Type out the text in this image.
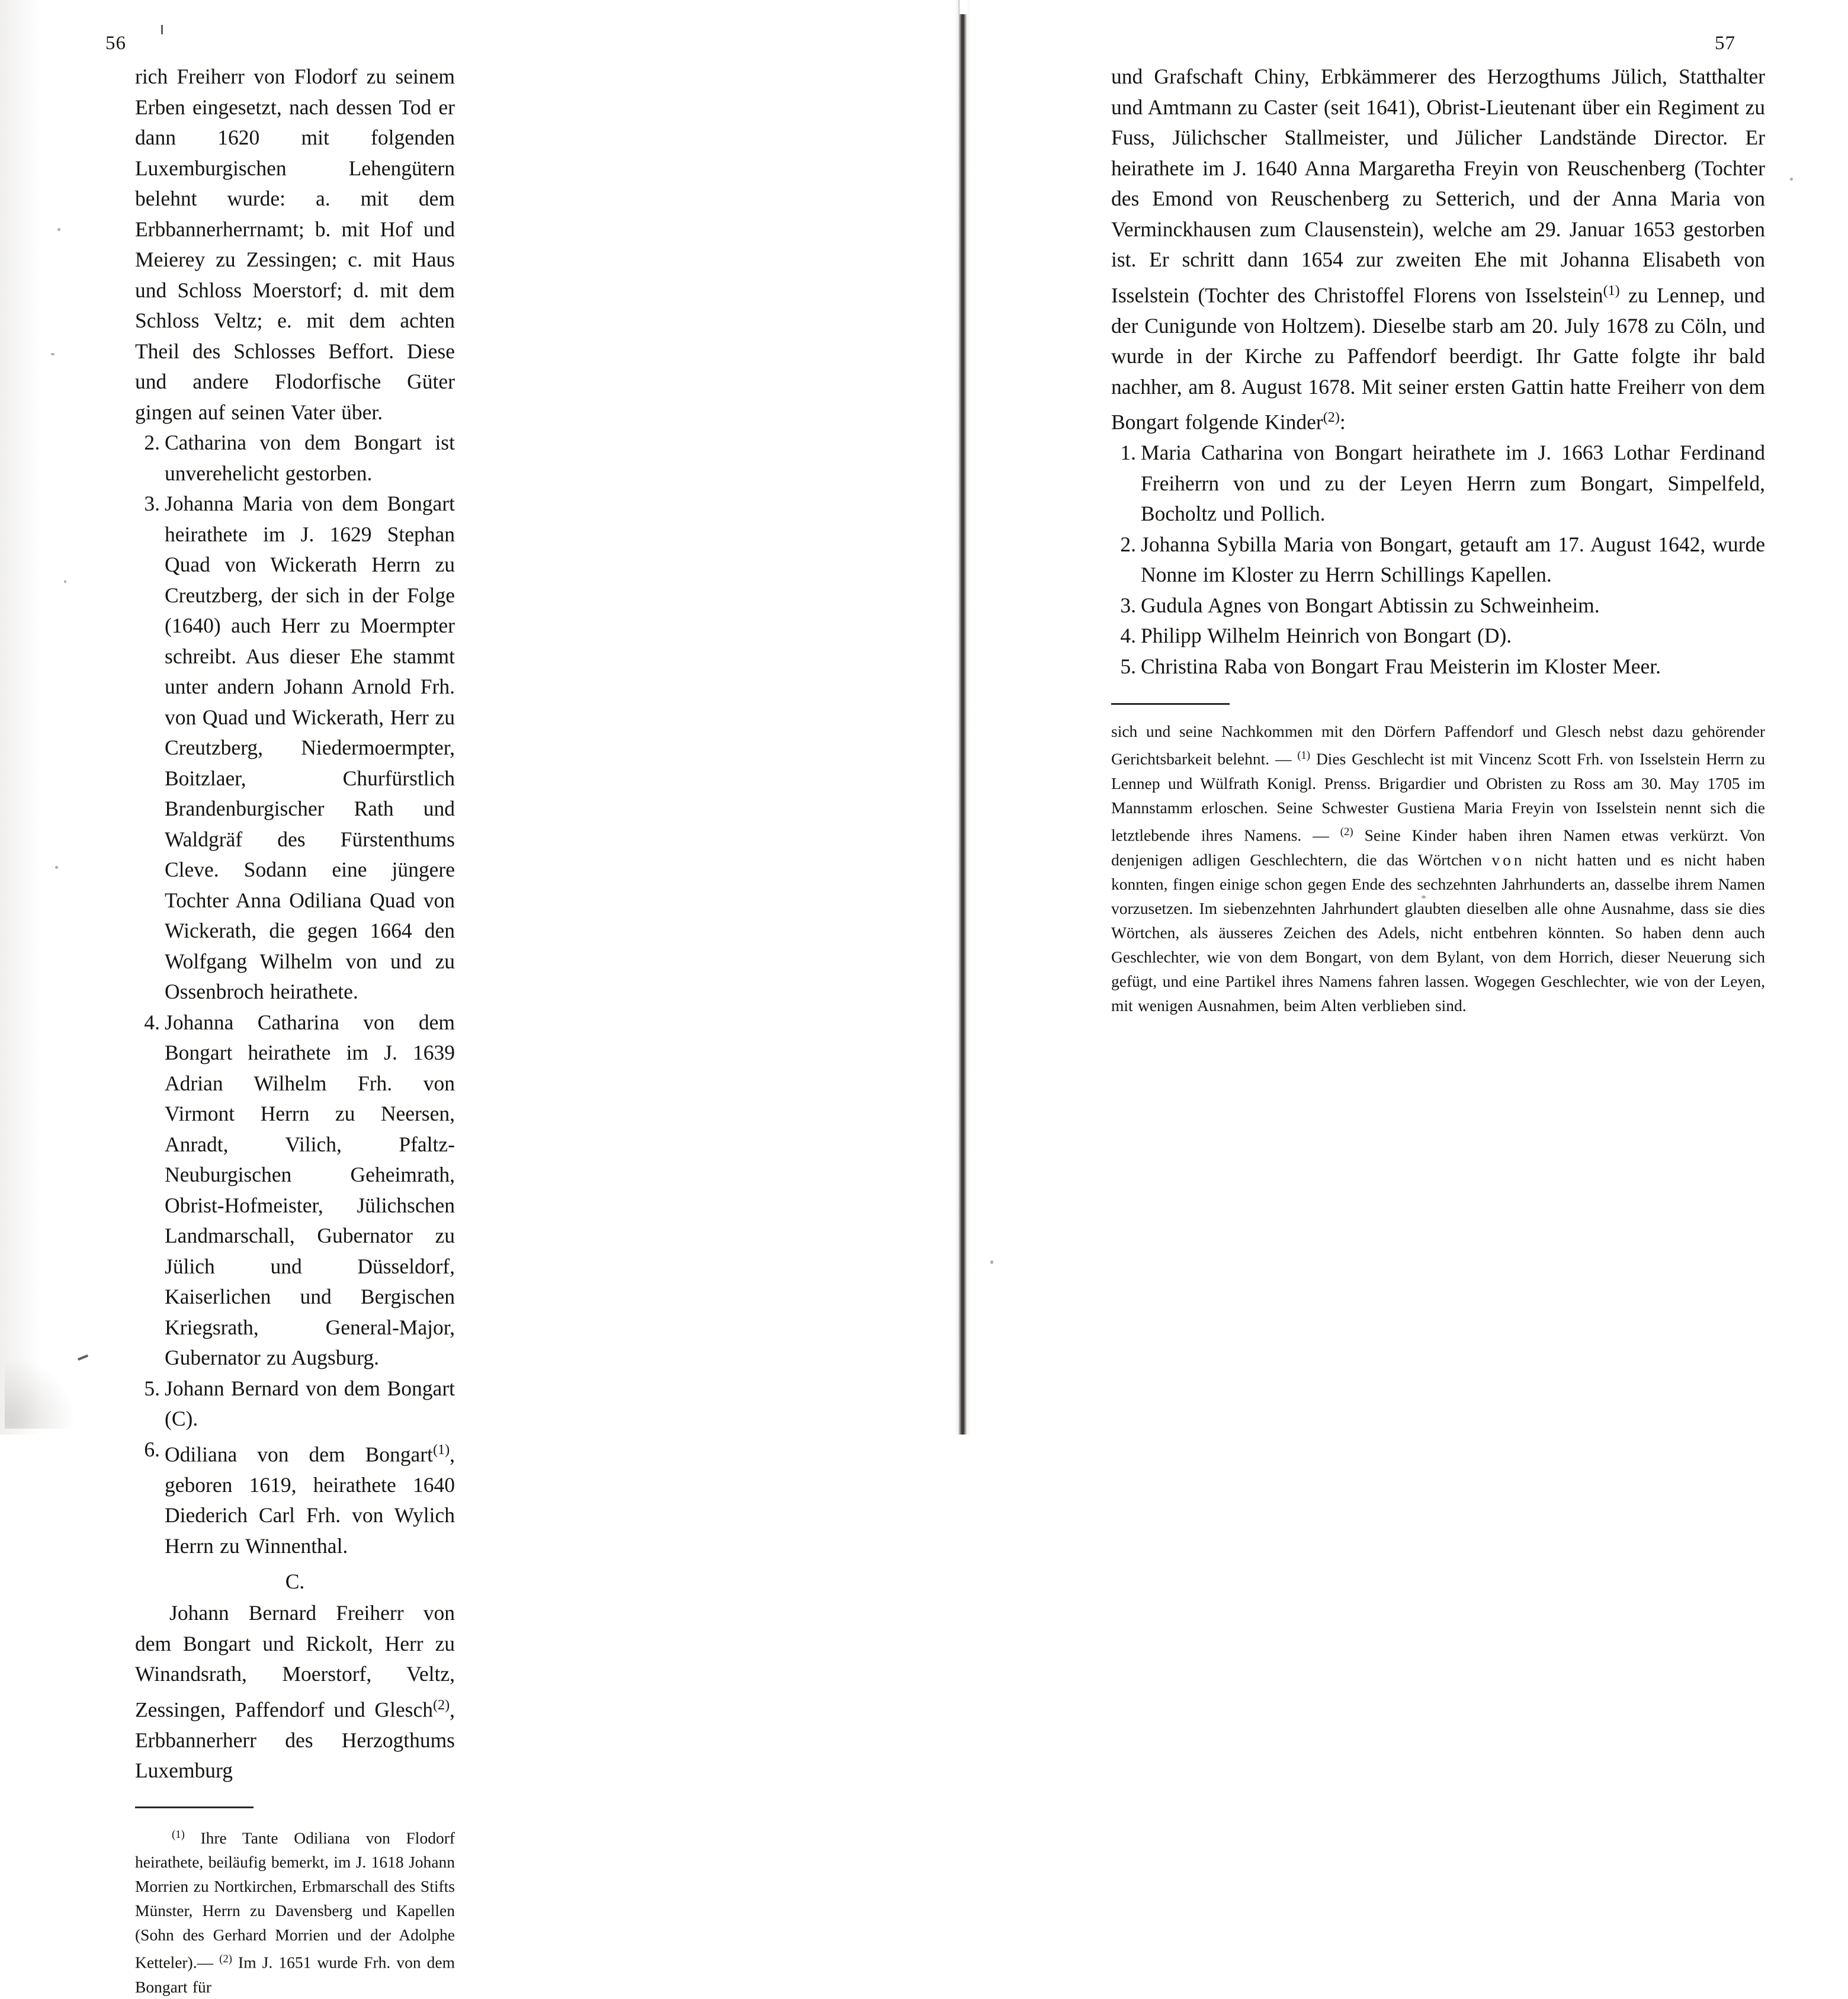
56

rich Freiherr von Flodorf zu seinem Erben eingesetzt, nach dessen Tod er dann 1620 mit folgenden Luxemburgischen Lehengütern belehnt wurde: a. mit dem Erbbannerherrnamt; b. mit Hof und Meierey zu Zessingen; c. mit Haus und Schloss Moerstorf; d. mit dem Schloss Veltz; e. mit dem achten Theil des Schlosses Beffort. Diese und andere Flodorfische Güter gingen auf seinen Vater über.

2. Catharina von dem Bongart ist unverehelicht gestorben.
3. Johanna Maria von dem Bongart heirathete im J. 1629 Stephan Quad von Wickerath Herrn zu Creutzberg, der sich in der Folge (1640) auch Herr zu Moermpter schreibt. Aus dieser Ehe stammt unter andern Johann Arnold Frh. von Quad und Wickerath, Herr zu Creutzberg, Niedermoermpter, Boitzlaer, Churfürstlich Brandenburgischer Rath und Waldgräf des Fürstenthums Cleve. Sodann eine jüngere Tochter Anna Odiliana Quad von Wickerath, die gegen 1664 den Wolfgang Wilhelm von und zu Ossenbroch heirathete.
4. Johanna Catharina von dem Bongart heirathete im J. 1639 Adrian Wilhelm Frh. von Virmont Herrn zu Neersen, Anradt, Vilich, Pfaltz-Neuburgischen Geheimrath, Obrist-Hofmeister, Jülichschen Landmarschall, Gubernator zu Jülich und Düsseldorf, Kaiserlichen und Bergischen Kriegsrath, General-Major, Gubernator zu Augsburg.
5. Johann Bernard von dem Bongart (C).
6. Odiliana von dem Bongart$^{(1)}$, geboren 1619, heirathete 1640 Diederich Carl Frh. von Wylich Herrn zu Winnenthal.
C.

Johann Bernard Freiherr von dem Bongart und Rickolt, Herr zu Winandsrath, Moerstorf, Veltz, Zessingen, Paffendorf und Glesch$^{(2)}$, Erbbannerherr des Herzogthums Luxemburg

$^{(1)}$ Ihre Tante Odiliana von Flodorf heirathete, beiläufig bemerkt, im J. 1618 Johann Morrien zu Nortkirchen, Erbmarschall des Stifts Münster, Herrn zu Davensberg und Kapellen (Sohn des Gerhard Morrien und der Adolphe Ketteler).— $^{(2)}$ Im J. 1651 wurde Frh. von dem Bongart für

57

und Grafschaft Chiny, Erbkämmerer des Herzogthums Jülich, Statthalter und Amtmann zu Caster (seit 1641), Obrist-Lieutenant über ein Regiment zu Fuss, Jülichscher Stallmeister, und Jülicher Landstände Director. Er heirathete im J. 1640 Anna Margaretha Freyin von Reuschenberg (Tochter des Emond von Reuschenberg zu Setterich, und der Anna Maria von Verminckhausen zum Clausenstein), welche am 29. Januar 1653 gestorben ist. Er schritt dann 1654 zur zweiten Ehe mit Johanna Elisabeth von Isselstein (Tochter des Christoffel Florens von Isselstein$^{(1)}$ zu Lennep, und der Cunigunde von Holtzem). Dieselbe starb am 20. July 1678 zu Cöln, und wurde in der Kirche zu Paffendorf beerdigt. Ihr Gatte folgte ihr bald nachher, am 8. August 1678. Mit seiner ersten Gattin hatte Freiherr von dem Bongart folgende Kinder$^{(2)}$:

1. Maria Catharina von Bongart heirathete im J. 1663 Lothar Ferdinand Freiherrn von und zu der Leyen Herrn zum Bongart, Simpelfeld, Bocholtz und Pollich.
2. Johanna Sybilla Maria von Bongart, getauft am 17. August 1642, wurde Nonne im Kloster zu Herrn Schillings Kapellen.
3. Gudula Agnes von Bongart Abtissin zu Schweinheim.
4. Philipp Wilhelm Heinrich von Bongart (D).
5. Christina Raba von Bongart Frau Meisterin im Kloster Meer.

sich und seine Nachkommen mit den Dörfern Paffendorf und Glesch nebst dazu gehörender Gerichtsbarkeit belehnt. — $^{(1)}$ Dies Geschlecht ist mit Vincenz Scott Frh. von Isselstein Herrn zu Lennep und Wülfrath Konigl. Prenss. Brigardier und Obristen zu Ross am 30. May 1705 im Mannstamm erloschen. Seine Schwester Gustiena Maria Freyin von Isselstein nennt sich die letztlebende ihres Namens. — $^{(2)}$ Seine Kinder haben ihren Namen etwas verkürzt. Von denjenigen adligen Geschlechtern, die das Wörtchen von nicht hatten und es nicht haben konnten, fingen einige schon gegen Ende des sechzehnten Jahrhunderts an, dasselbe ihrem Namen vorzusetzen. Im siebenzehnten Jahrhundert glaubten dieselben alle ohne Ausnahme, dass sie dies Wörtchen, als äusseres Zeichen des Adels, nicht entbehren könnten. So haben denn auch Geschlechter, wie von dem Bongart, von dem Bylant, von dem Horrich, dieser Neuerung sich gefügt, und eine Partikel ihres Namens fahren lassen. Wogegen Geschlechter, wie von der Leyen, mit wenigen Ausnahmen, beim Alten verblieben sind.
